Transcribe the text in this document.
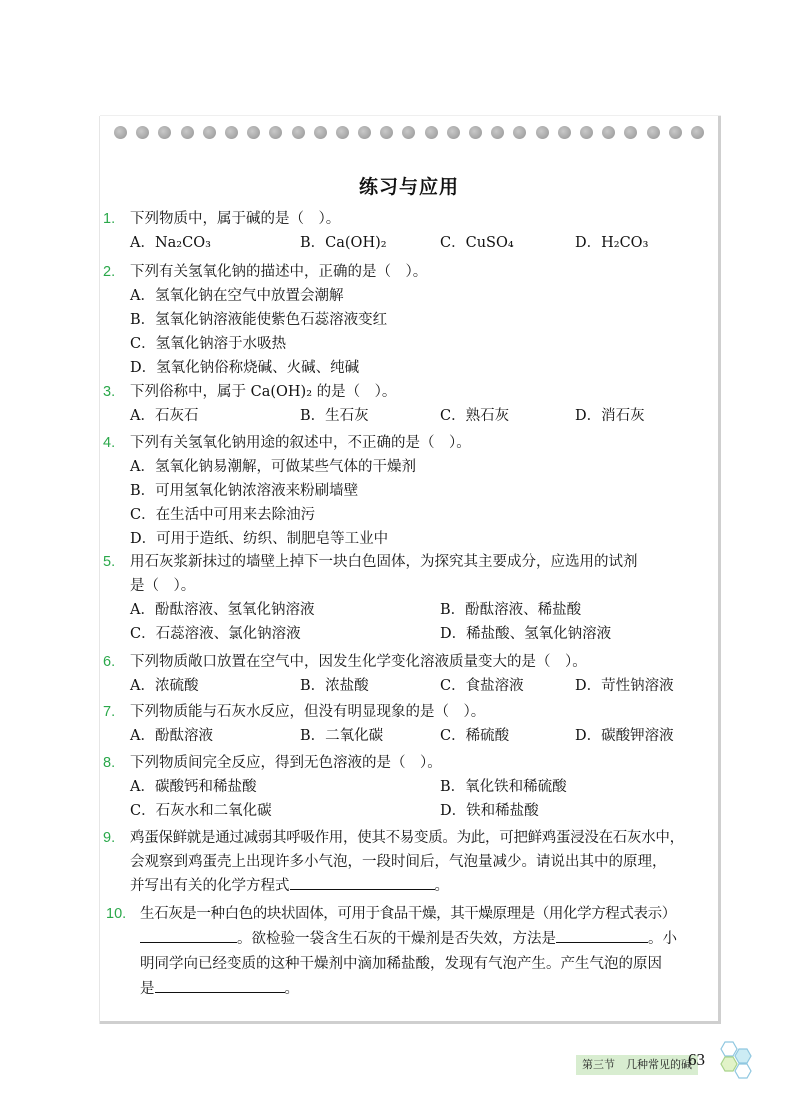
练习与应用
1. 下列物质中，属于碱的是（　）。
A．Na₂CO₃	B．Ca(OH)₂	C．CuSO₄	D．H₂CO₃
2. 下列有关氢氧化钠的描述中，正确的是（　）。
A．氢氧化钠在空气中放置会潮解
B．氢氧化钠溶液能使紫色石蕊溶液变红
C．氢氧化钠溶于水吸热
D．氢氧化钠俗称烧碱、火碱、纯碱
3. 下列俗称中，属于 Ca(OH)₂ 的是（　）。
A．石灰石	B．生石灰	C．熟石灰	D．消石灰
4. 下列有关氢氧化钠用途的叙述中，不正确的是（　）。
A．氢氧化钠易潮解，可做某些气体的干燥剂
B．可用氢氧化钠浓溶液来粉刷墙壁
C．在生活中可用来去除油污
D．可用于造纸、纺织、制肥皂等工业中
5. 用石灰浆新抹过的墙壁上掉下一块白色固体，为探究其主要成分，应选用的试剂
是（　）。
A．酚酞溶液、氢氧化钠溶液	B．酚酞溶液、稀盐酸
C．石蕊溶液、氯化钠溶液	D．稀盐酸、氢氧化钠溶液
6. 下列物质敞口放置在空气中，因发生化学变化溶液质量变大的是（　）。
A．浓硫酸	B．浓盐酸	C．食盐溶液	D．苛性钠溶液
7. 下列物质能与石灰水反应，但没有明显现象的是（　）。
A．酚酞溶液	B．二氧化碳	C．稀硫酸	D．碳酸钾溶液
8. 下列物质间完全反应，得到无色溶液的是（　）。
A．碳酸钙和稀盐酸	B．氧化铁和稀硫酸
C．石灰水和二氧化碳	D．铁和稀盐酸
9. 鸡蛋保鲜就是通过减弱其呼吸作用，使其不易变质。为此，可把鲜鸡蛋浸没在石灰水中，
会观察到鸡蛋壳上出现许多小气泡，一段时间后，气泡量减少。请说出其中的原理，
并写出有关的化学方程式	。
10. 生石灰是一种白色的块状固体，可用于食品干燥，其干燥原理是（用化学方程式表示）
。欲检验一袋含生石灰的干燥剂是否失效，方法是	。小
明同学向已经变质的这种干燥剂中滴加稀盐酸，发现有气泡产生。产生气泡的原因
是	。
第三节　几种常见的碱
63
